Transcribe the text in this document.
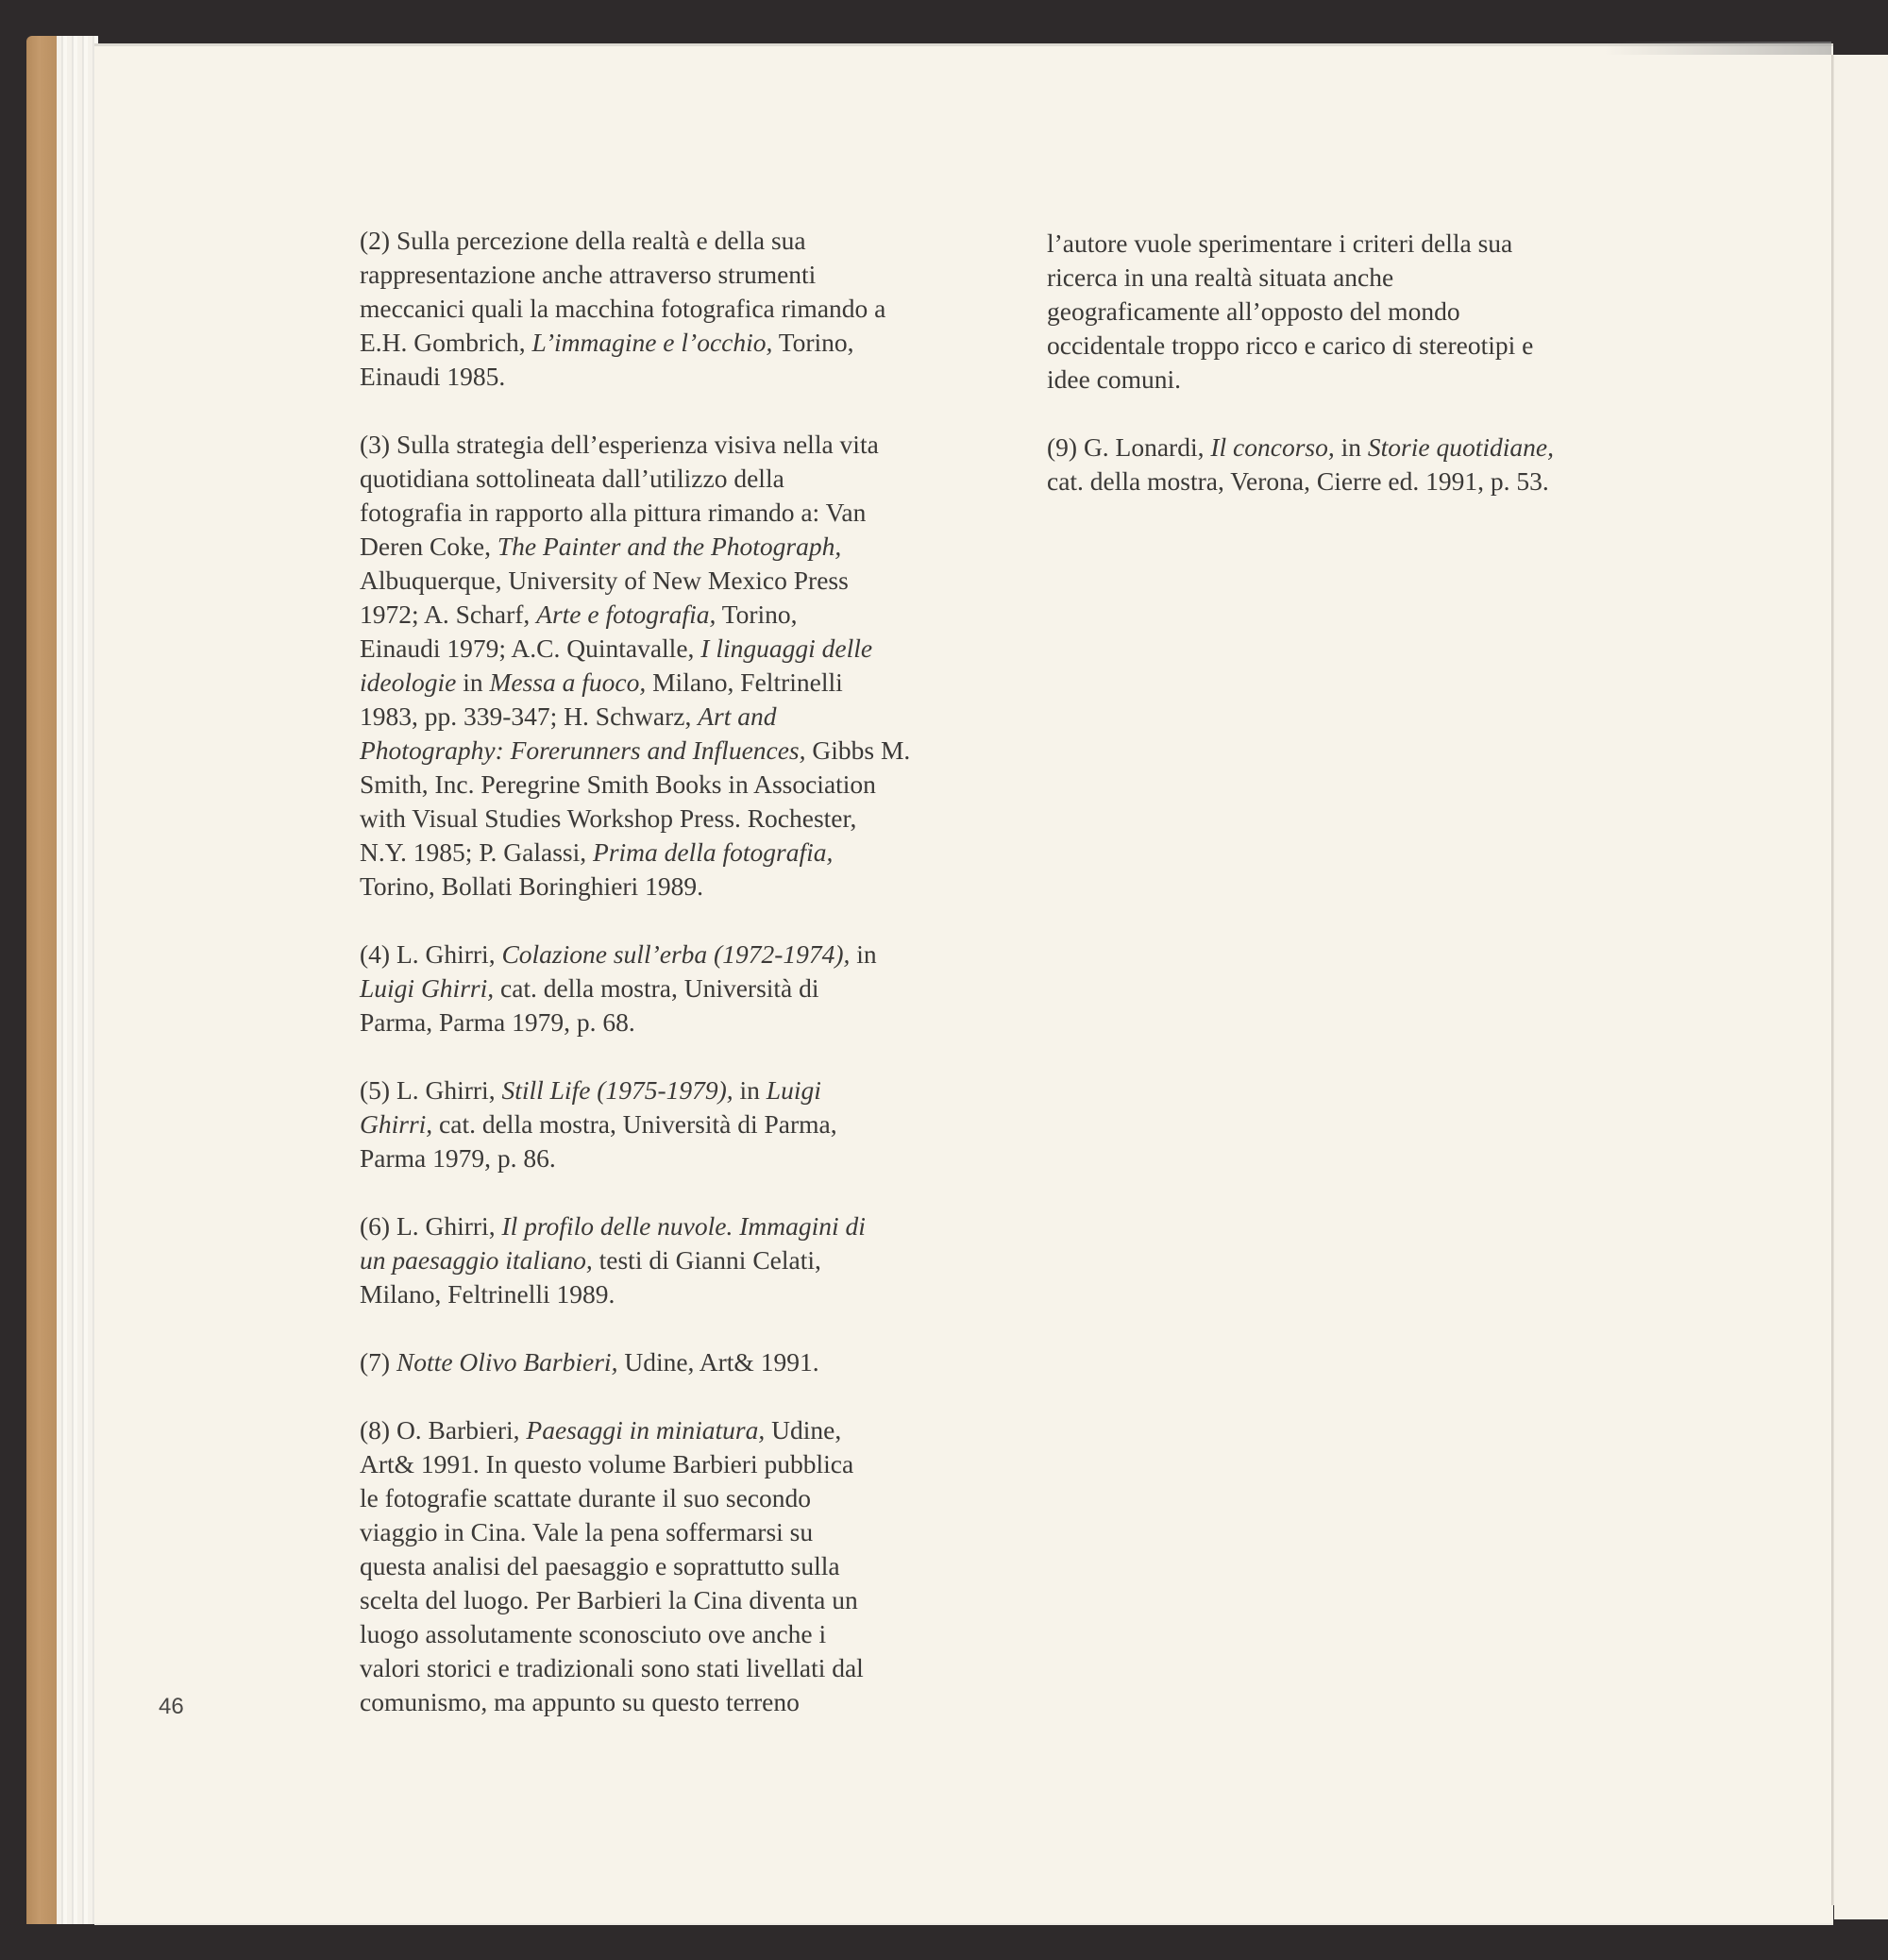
(2) Sulla percezione della realtà e della sua
rappresentazione anche attraverso strumenti
meccanici quali la macchina fotografica rimando a
E.H. Gombrich, L’immagine e l’occhio, Torino,
Einaudi 1985.
(3) Sulla strategia dell’esperienza visiva nella vita
quotidiana sottolineata dall’utilizzo della
fotografia in rapporto alla pittura rimando a: Van
Deren Coke, The Painter and the Photograph,
Albuquerque, University of New Mexico Press
1972; A. Scharf, Arte e fotografia, Torino,
Einaudi 1979; A.C. Quintavalle, I linguaggi delle
ideologie in Messa a fuoco, Milano, Feltrinelli
1983, pp. 339-347; H. Schwarz, Art and
Photography: Forerunners and Influences, Gibbs M.
Smith, Inc. Peregrine Smith Books in Association
with Visual Studies Workshop Press. Rochester,
N.Y. 1985; P. Galassi, Prima della fotografia,
Torino, Bollati Boringhieri 1989.
(4) L. Ghirri, Colazione sull’erba (1972-1974), in
Luigi Ghirri, cat. della mostra, Università di
Parma, Parma 1979, p. 68.
(5) L. Ghirri, Still Life (1975-1979), in Luigi
Ghirri, cat. della mostra, Università di Parma,
Parma 1979, p. 86.
(6) L. Ghirri, Il profilo delle nuvole. Immagini di
un paesaggio italiano, testi di Gianni Celati,
Milano, Feltrinelli 1989.
(7) Notte Olivo Barbieri, Udine, Art& 1991.
(8) O. Barbieri, Paesaggi in miniatura, Udine,
Art& 1991. In questo volume Barbieri pubblica
le fotografie scattate durante il suo secondo
viaggio in Cina. Vale la pena soffermarsi su
questa analisi del paesaggio e soprattutto sulla
scelta del luogo. Per Barbieri la Cina diventa un
luogo assolutamente sconosciuto ove anche i
valori storici e tradizionali sono stati livellati dal
comunismo, ma appunto su questo terreno
l’autore vuole sperimentare i criteri della sua
ricerca in una realtà situata anche
geograficamente all’opposto del mondo
occidentale troppo ricco e carico di stereotipi e
idee comuni.
(9) G. Lonardi, Il concorso, in Storie quotidiane,
cat. della mostra, Verona, Cierre ed. 1991, p. 53.
46
